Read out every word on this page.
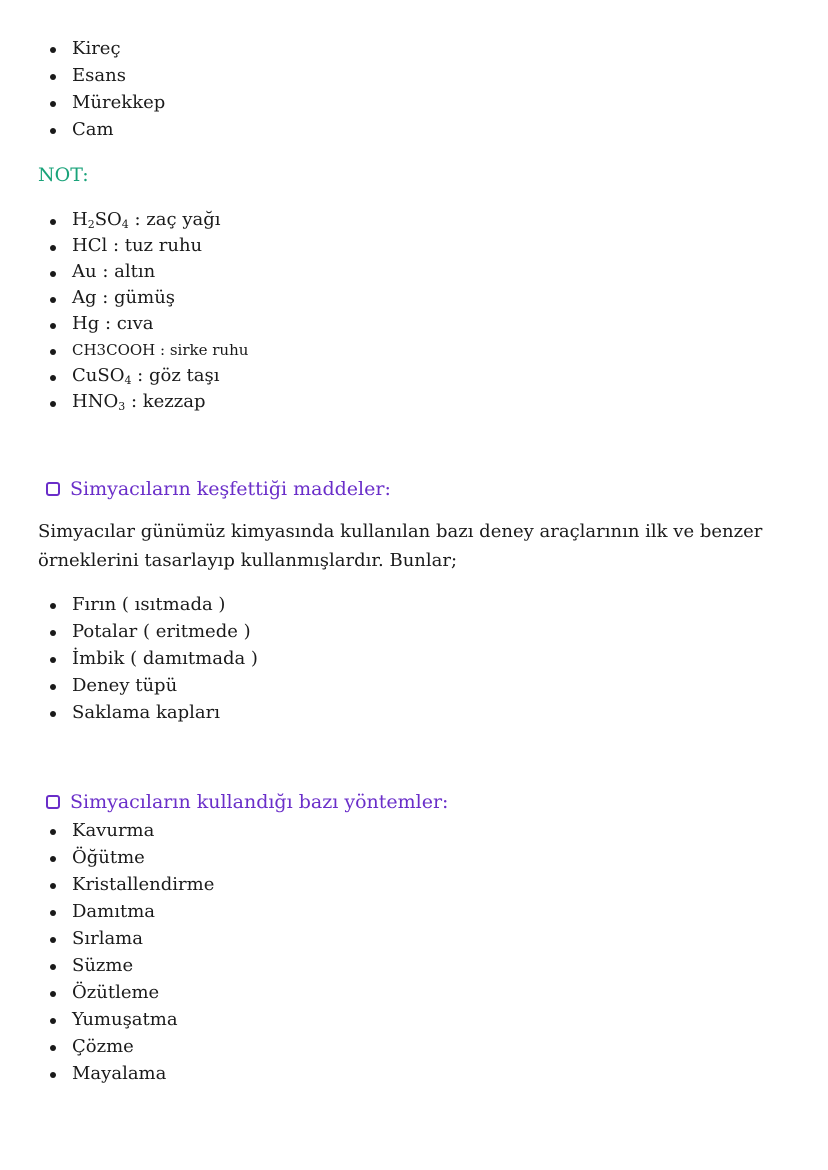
Kireç
Esans
Mürekkep
Cam
NOT:
$H_2SO_4$ : zaç yağı
HCl : tuz ruhu
Au : altın
Ag : gümüş
Hg : cıva
CH3COOH : sirke ruhu
CuSO$_4$ : göz taşı
$HNO_3$ : kezzap
Simyacıların keşfettiği maddeler:

Simyacılar günümüz kimyasında kullanılan bazı deney araçlarının ilk ve benzer örneklerini tasarlayıp kullanmışlardır. Bunlar;

Fırın ( ısıtmada )
Potalar ( eritmede )
İmbik ( damıtmada )
Deney tüpü
Saklama kapları
Simyacıların kullandığı bazı yöntemler:
Kavurma
Öğütme
Kristallendirme
Damıtma
Sırlama
Süzme
Özütleme
Yumuşatma
Çözme
Mayalama
